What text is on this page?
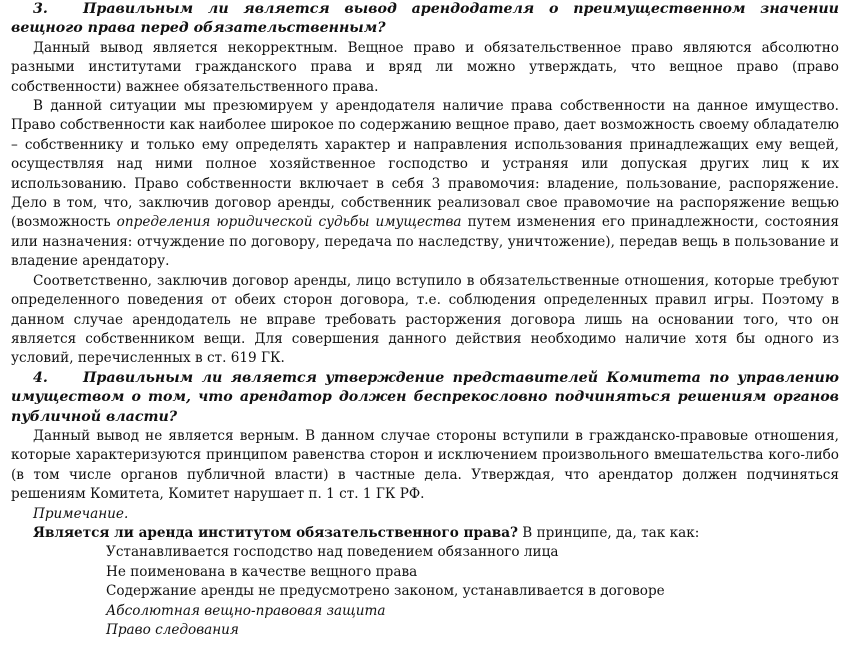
3. Правильным ли является вывод арендодателя о преимущественном значении вещного права перед обязательственным?

Данный вывод является некорректным. Вещное право и обязательственное право являются абсолютно разными институтами гражданского права и вряд ли можно утверждать, что вещное право (право собственности) важнее обязательственного права.

В данной ситуации мы презюмируем у арендодателя наличие права собственности на данное имущество. Право собственности как наиболее широкое по содержанию вещное право, дает возможность своему обладателю – собственнику и только ему определять характер и направления использования принадлежащих ему вещей, осуществляя над ними полное хозяйственное господство и устраняя или допуская других лиц к их использованию. Право собственности включает в себя 3 правомочия: владение, пользование, распоряжение. Дело в том, что, заключив договор аренды, собственник реализовал свое правомочие на распоряжение вещью (возможность определения юридической судьбы имущества путем изменения его принадлежности, состояния или назначения: отчуждение по договору, передача по наследству, уничтожение), передав вещь в пользование и владение арендатору.

Соответственно, заключив договор аренды, лицо вступило в обязательственные отношения, которые требуют определенного поведения от обеих сторон договора, т.е. соблюдения определенных правил игры. Поэтому в данном случае арендодатель не вправе требовать расторжения договора лишь на основании того, что он является собственником вещи. Для совершения данного действия необходимо наличие хотя бы одного из условий, перечисленных в ст. 619 ГК.

4. Правильным ли является утверждение представителей Комитета по управлению имуществом о том, что арендатор должен беспрекословно подчиняться решениям органов публичной власти?

Данный вывод не является верным. В данном случае стороны вступили в гражданско-правовые отношения, которые характеризуются принципом равенства сторон и исключением произвольного вмешательства кого-либо (в том числе органов публичной власти) в частные дела. Утверждая, что арендатор должен подчиняться решениям Комитета, Комитет нарушает п. 1 ст. 1 ГК РФ.

Примечание.

Является ли аренда институтом обязательственного права? В принципе, да, так как:

Устанавливается господство над поведением обязанного лица
Не поименована в качестве вещного права
Содержание аренды не предусмотрено законом, устанавливается в договоре
Абсолютная вещно-правовая защита
Право следования
